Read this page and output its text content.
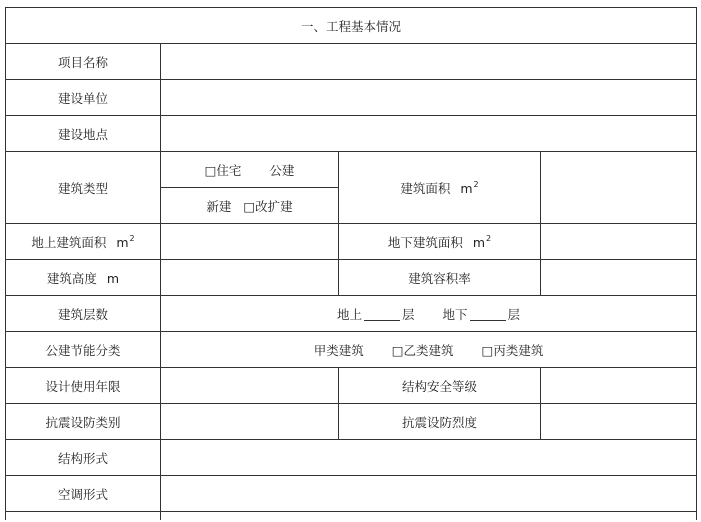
一、工程基本情况			
项目名称			
建设单位			
建设地点			
建筑类型	□住宅 公建	建筑面积 $m^2$	
	新建 □改扩建		
地上建筑面积 $m^2$		地下建筑面积 $m^2$	
建筑高度 m		建筑容积率	
建筑层数	地上 层 地下 层		
公建节能分类	甲类建筑 □乙类建筑 □丙类建筑		
设计使用年限		结构安全等级	
抗震设防类别		抗震设防烈度	
结构形式			
空调形式			
